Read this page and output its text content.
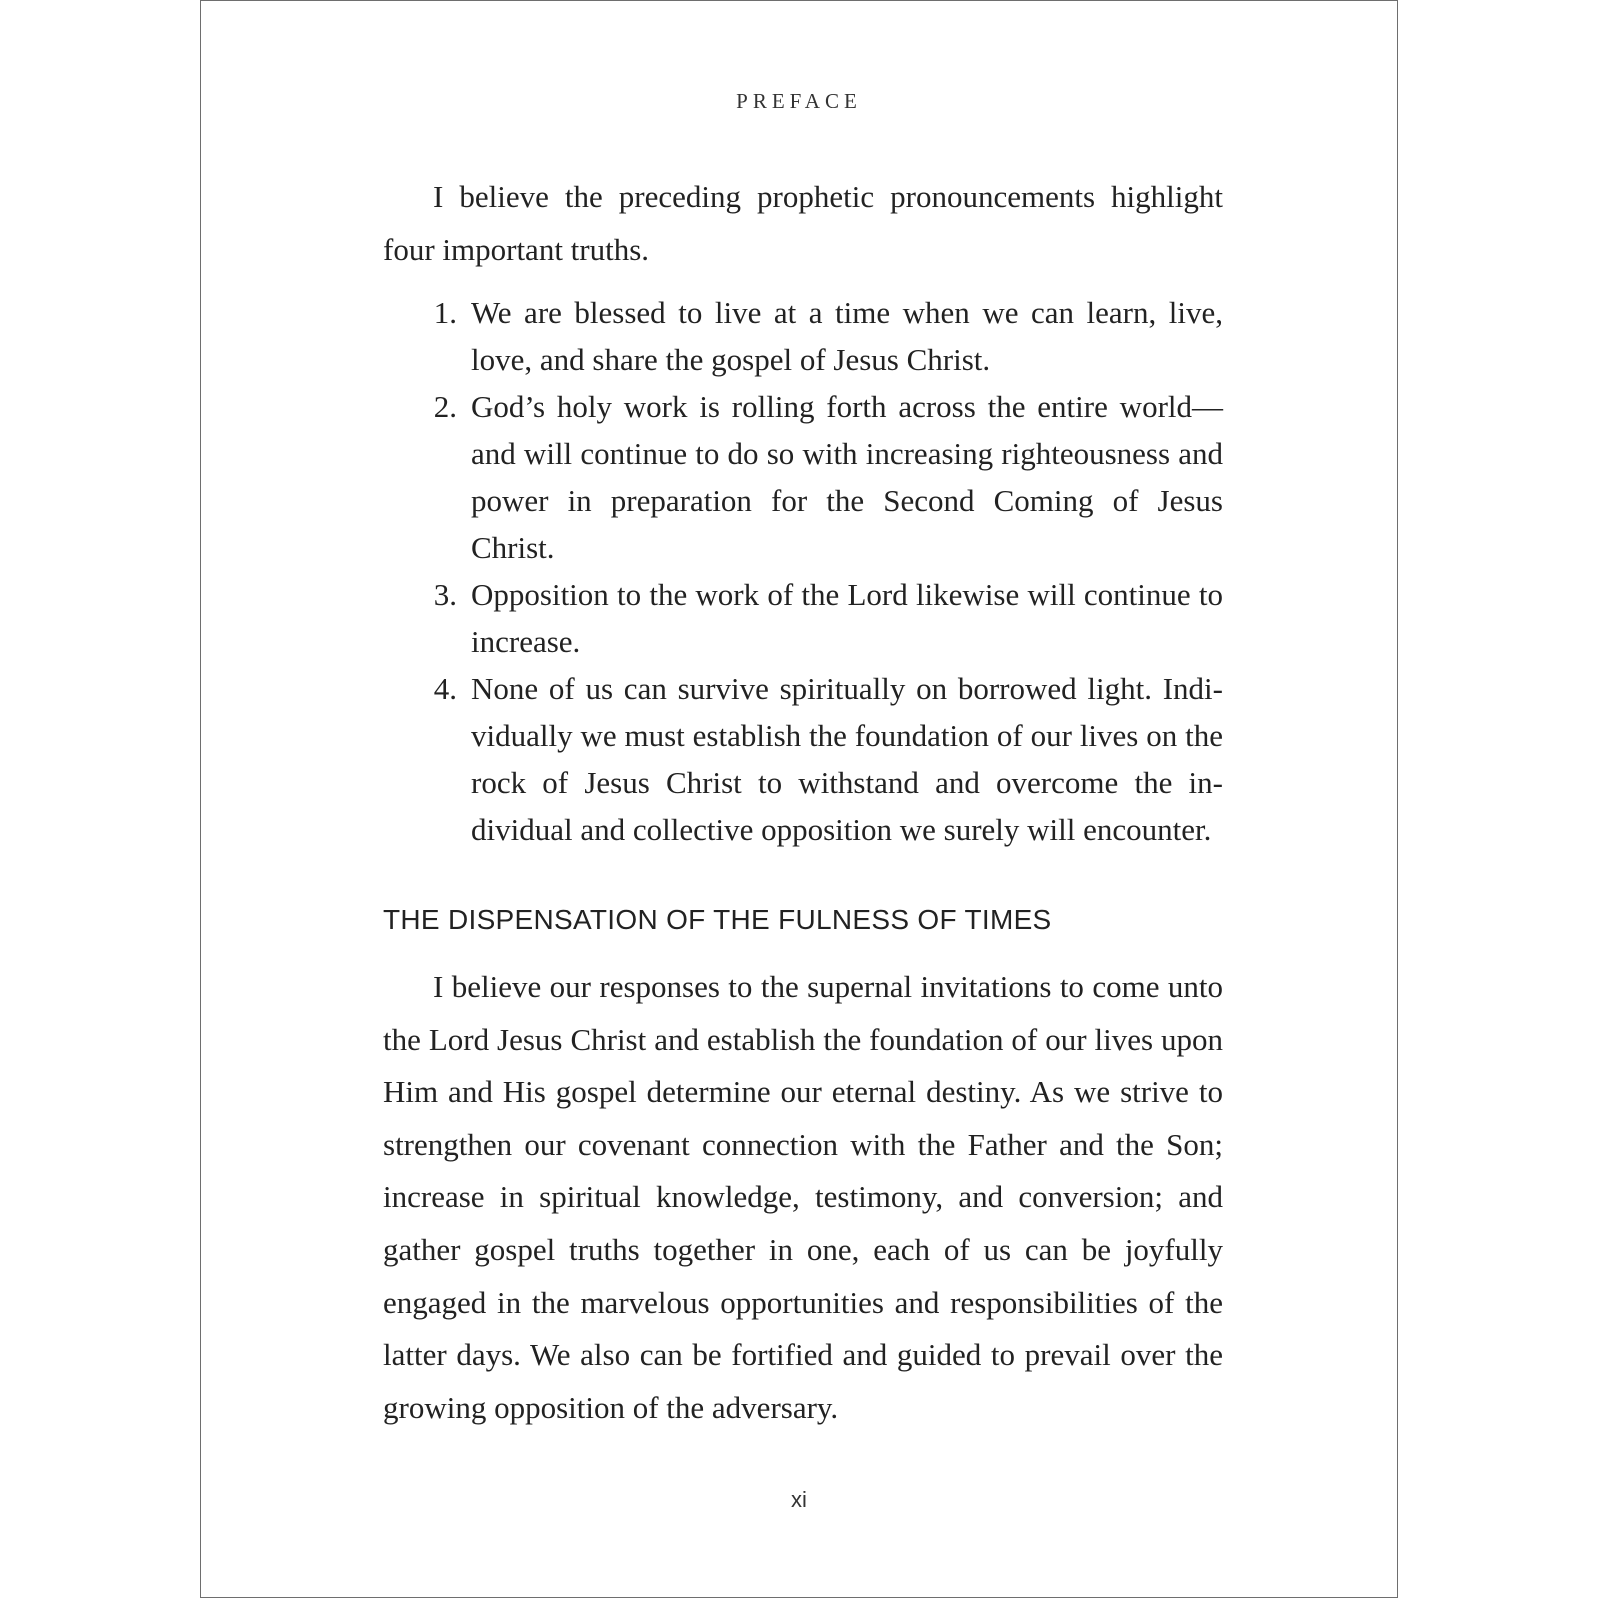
PREFACE

I believe the preceding prophetic pronouncements highlight four important truths.

1. We are blessed to live at a time when we can learn, live, love, and share the gospel of Jesus Christ.
2. God’s holy work is rolling forth across the entire world—and will continue to do so with increasing righteousness and power in preparation for the Second Coming of Jesus Christ.
3. Opposition to the work of the Lord likewise will continue to increase.
4. None of us can survive spiritually on borrowed light. Individually we must establish the foundation of our lives on the rock of Jesus Christ to withstand and overcome the individual and collective opposition we surely will encounter.
THE DISPENSATION OF THE FULNESS OF TIMES

I believe our responses to the supernal invitations to come unto the Lord Jesus Christ and establish the foundation of our lives upon Him and His gospel determine our eternal destiny. As we strive to strengthen our covenant connection with the Father and the Son; increase in spiritual knowledge, testimony, and conversion; and gather gospel truths together in one, each of us can be joyfully engaged in the marvelous opportunities and responsibilities of the latter days. We also can be fortified and guided to prevail over the growing opposition of the adversary.

xi
